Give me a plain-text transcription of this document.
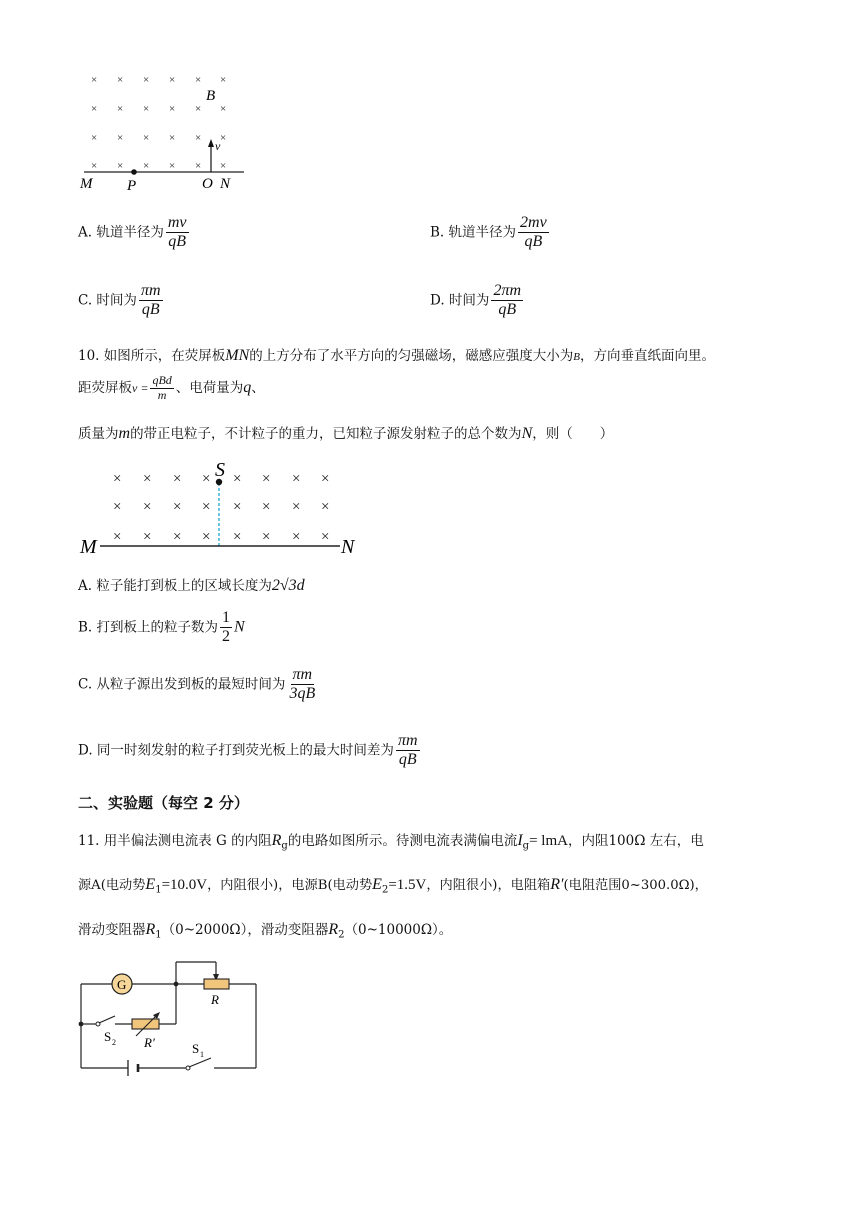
× × × × × ×
× × × × × ×
× × × × × ×
× × × × × ×
B
v
M P	O N
A. 轨道半径为 $\frac{mv}{qB}$	B. 轨道半径为 $\frac{2mv}{qB}$
C. 时间为 $\frac{\pi m}{qB}$	D. 时间为 $\frac{2\pi m}{qB}$
10. 如图所示，在荧屏板MN的上方分布了水平方向的匀强磁场，磁感应强度大小为B，方向垂直纸面向里。
距荧屏板$v = \frac{\text{qBd}}{m}$ 、电荷量为q、
质量为m的带正电粒子，不计粒子的重力，已知粒子源发射粒子的总个数为N，则（　　）
× × × × × × × ×
× × × × × × × ×
× × × × × × × ×
S
M	N
A. 粒子能打到板上的区域长度为2√3d
B. 打到板上的粒子数为 $\frac{1}{2}$ N
C. 从粒子源出发到板的最短时间为 $\frac{\pi m}{3qB}$
D. 同一时刻发射的粒子打到荧光板上的最大时间差为 $\frac{\pi m}{qB}$
二、实验题（每空 2 分）
11. 用半偏法测电流表 G 的内阻$R_g$的电路如图所示。待测电流表满偏电流$I_g=$ lmA，内阻100Ω 左右，电
源A(电动势$E_1=10.0V$，内阻很小)，电源B(电动势$E_2=1.5V$，内阻很小)，电阻箱R′(电阻范围0~300.0Ω)，
滑动变阻器$R_1(0\sim 2000\Omega)$，滑动变阻器$R_2(0\sim 10000\Omega)$。
G
R
R′
S 2	S 1
